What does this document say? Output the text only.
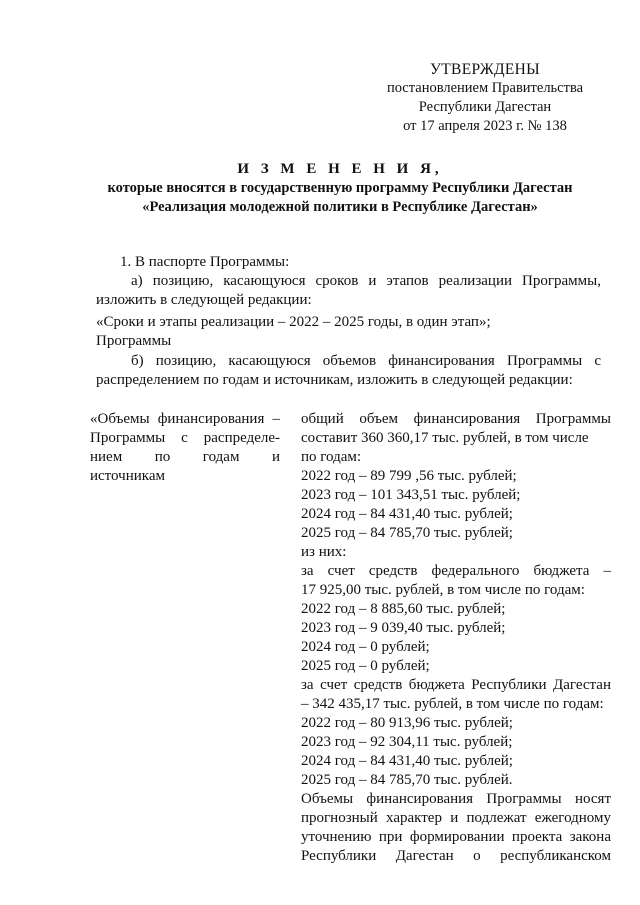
УТВЕРЖДЕНЫ
постановлением Правительства
Республики Дагестан
от 17 апреля 2023 г. № 138
И З М Е Н Е Н И Я,
которые вносятся в государственную программу Республики Дагестан
«Реализация молодежной политики в Республике Дагестан»
1. В паспорте Программы:
а) позицию, касающуюся сроков и этапов реализации Программы,
изложить в следующей редакции:
«Сроки и этапы реализации – 2022 – 2025 годы, в один этап»;
Программы
б) позицию, касающуюся объемов финансирования Программы с
распределением по годам и источникам, изложить в следующей редакции:
«Объемы финансирования –
Программы с распределе-
нием по годам и
источникам
общий объем финансирования Программы
составит 360 360,17 тыс. рублей, в том числе
по годам:
2022 год – 89 799 ,56 тыс. рублей;
2023 год – 101 343,51 тыс. рублей;
2024 год – 84 431,40 тыс. рублей;
2025 год – 84 785,70 тыс. рублей;
из них:
за счет средств федерального бюджета –
17 925,00 тыс. рублей, в том числе по годам:
2022 год – 8 885,60 тыс. рублей;
2023 год – 9 039,40 тыс. рублей;
2024 год – 0 рублей;
2025 год – 0 рублей;
за счет средств бюджета Республики Дагестан
– 342 435,17 тыс. рублей, в том числе по годам:
2022 год – 80 913,96 тыс. рублей;
2023 год – 92 304,11 тыс. рублей;
2024 год – 84 431,40 тыс. рублей;
2025 год – 84 785,70 тыс. рублей.
Объемы финансирования Программы носят
прогнозный характер и подлежат ежегодному
уточнению при формировании проекта закона
Республики Дагестан о республиканском
